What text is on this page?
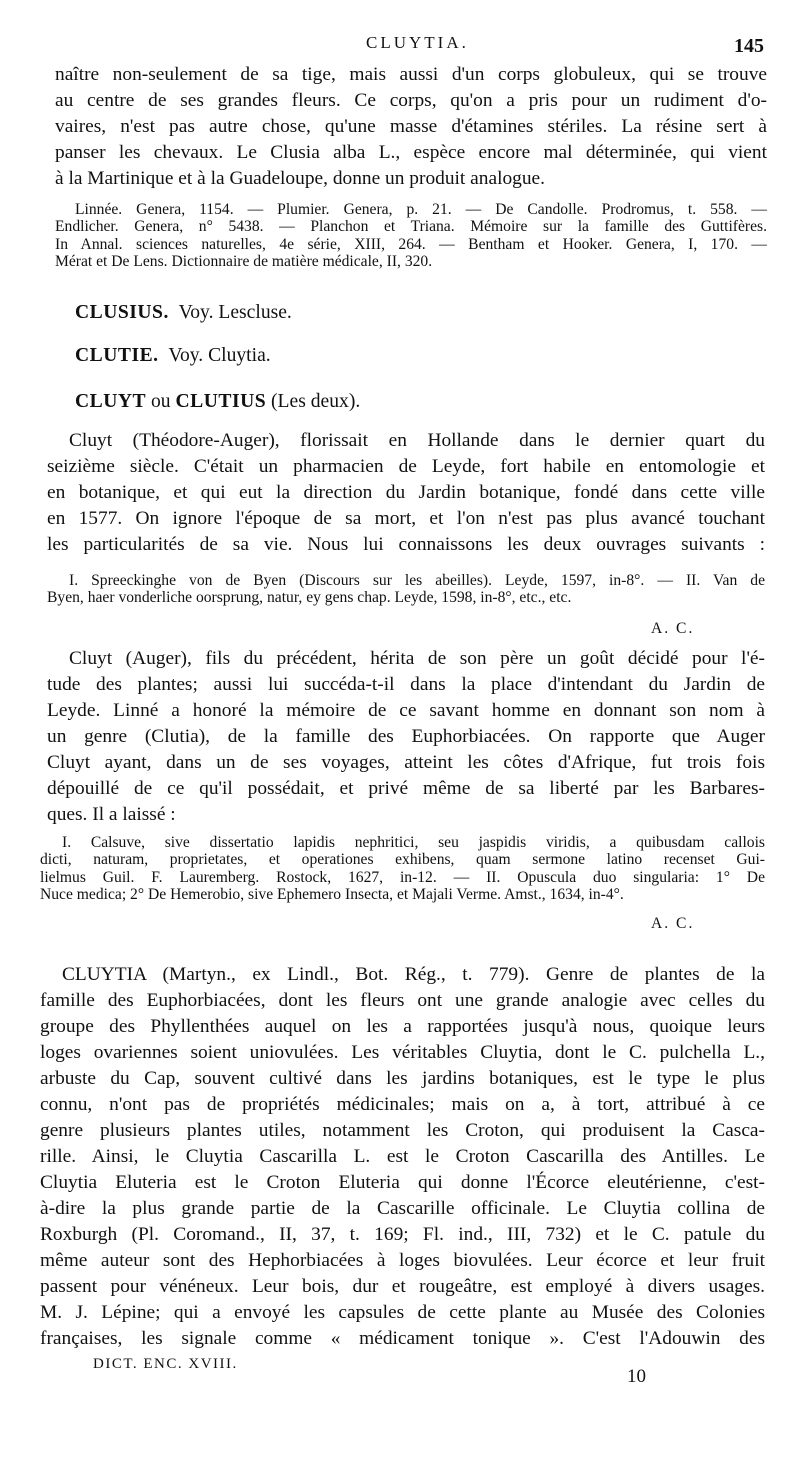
CLUYTIA.	145
naître non-seulement de sa tige, mais aussi d'un corps globuleux, qui se trouve
au centre de ses grandes fleurs. Ce corps, qu'on a pris pour un rudiment d'o-
vaires, n'est pas autre chose, qu'une masse d'étamines stériles. La résine sert à
panser les chevaux. Le Clusia alba L., espèce encore mal déterminée, qui vient
à la Martinique et à la Guadeloupe, donne un produit analogue.
Linnée. Genera, 1154. — Plumier. Genera, p. 21. — De Candolle. Prodromus, t. 558. —
Endlicher. Genera, n° 5438. — Planchon et Triana. Mémoire sur la famille des Guttifères.
In Annal. sciences naturelles, 4e série, XIII, 264. — Bentham et Hooker. Genera, I, 170. —
Mérat et De Lens. Dictionnaire de matière médicale, II, 320.
CLUSIUS. Voy. Lescluse.
CLUTIE. Voy. Cluytia.
CLUYT ou CLUTIUS (Les deux).
Cluyt (Théodore-Auger), florissait en Hollande dans le dernier quart du
seizième siècle. C'était un pharmacien de Leyde, fort habile en entomologie et
en botanique, et qui eut la direction du Jardin botanique, fondé dans cette ville
en 1577. On ignore l'époque de sa mort, et l'on n'est pas plus avancé touchant
les particularités de sa vie. Nous lui connaissons les deux ouvrages suivants :
I. Spreeckinghe von de Byen (Discours sur les abeilles). Leyde, 1597, in-8°. — II. Van de
Byen, haer vonderliche oorsprung, natur, ey gens chap. Leyde, 1598, in-8°, etc., etc.
A. C.
Cluyt (Auger), fils du précédent, hérita de son père un goût décidé pour l'é-
tude des plantes; aussi lui succéda-t-il dans la place d'intendant du Jardin de
Leyde. Linné a honoré la mémoire de ce savant homme en donnant son nom à
un genre (Clutia), de la famille des Euphorbiacées. On rapporte que Auger
Cluyt ayant, dans un de ses voyages, atteint les côtes d'Afrique, fut trois fois
dépouillé de ce qu'il possédait, et privé même de sa liberté par les Barbares-
ques. Il a laissé :
I. Calsuve, sive dissertatio lapidis nephritici, seu jaspidis viridis, a quibusdam callois
dicti, naturam, proprietates, et operationes exhibens, quam sermone latino recenset Gui-
lielmus Guil. F. Lauremberg. Rostock, 1627, in-12. — II. Opuscula duo singularia: 1° De
Nuce medica; 2° De Hemerobio, sive Ephemero Insecta, et Majali Verme. Amst., 1634, in-4°.
A. C.
CLUYTIA (Martyn., ex Lindl., Bot. Rég., t. 779). Genre de plantes de la
famille des Euphorbiacées, dont les fleurs ont une grande analogie avec celles du
groupe des Phyllenthées auquel on les a rapportées jusqu'à nous, quoique leurs
loges ovariennes soient uniovulées. Les véritables Cluytia, dont le C. pulchella L.,
arbuste du Cap, souvent cultivé dans les jardins botaniques, est le type le plus
connu, n'ont pas de propriétés médicinales; mais on a, à tort, attribué à ce
genre plusieurs plantes utiles, notamment les Croton, qui produisent la Casca-
rille. Ainsi, le Cluytia Cascarilla L. est le Croton Cascarilla des Antilles. Le
Cluytia Eluteria est le Croton Eluteria qui donne l'Écorce eleutérienne, c'est-
à-dire la plus grande partie de la Cascarille officinale. Le Cluytia collina de
Roxburgh (Pl. Coromand., II, 37, t. 169; Fl. ind., III, 732) et le C. patule du
même auteur sont des Hephorbiacées à loges biovulées. Leur écorce et leur fruit
passent pour vénéneux. Leur bois, dur et rougeâtre, est employé à divers usages.
M. J. Lépine; qui a envoyé les capsules de cette plante au Musée des Colonies
françaises, les signale comme « médicament tonique ». C'est l'Adouwin des
DICT. ENC. XVIII.
10
